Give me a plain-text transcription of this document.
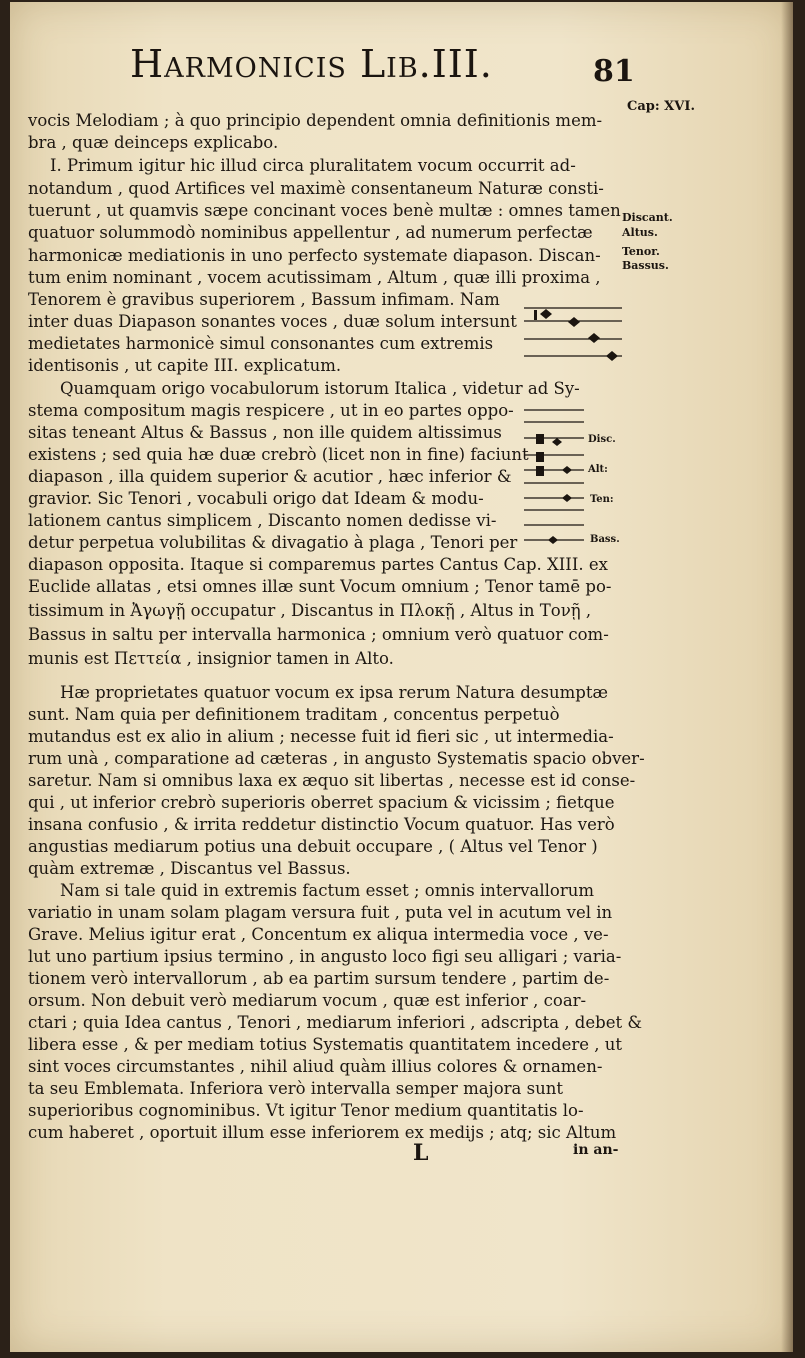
Harmonicis Lib.III.	81
Cap: XVI.
Discant.
Altus.
Tenor.
Bassus.
vocis Melodiam ; à quo principio dependent omnia definitionis mem-
bra , quæ deinceps explicabo.
I. Primum igitur hic illud circa pluralitatem vocum occurrit ad-
notandum , quod Artifices vel maximè consentaneum Naturæ consti-
tuerunt , ut quamvis sæpe concinant voces benè multæ : omnes tamen
quatuor solummodò nominibus appellentur , ad numerum perfectæ
harmonicæ mediationis in uno perfecto systemate diapason. Discan-
tum enim nominant , vocem acutissimam , Altum , quæ illi proxima ,
Tenorem è gravibus superiorem , Bassum infimam. Nam
inter duas Diapason sonantes voces , duæ solum intersunt
medietates harmonicè simul consonantes cum extremis
identisonis , ut capite III. explicatum.
Quamquam origo vocabulorum istorum Italica , videtur ad Sy-
stema compositum magis respicere , ut in eo partes oppo-
sitas teneant Altus & Bassus , non ille quidem altissimus
existens ; sed quia hæ duæ crebrò (licet non in fine) faciunt
diapason , illa quidem superior & acutior , hæc inferior &
gravior. Sic Tenori , vocabuli origo dat Ideam & modu-
lationem cantus simplicem , Discanto nomen dedisse vi-
detur perpetua volubilitas & divagatio à plaga , Tenori per
diapason opposita. Itaque si comparemus partes Cantus Cap. XIII. ex
Euclide allatas , etsi omnes illæ sunt Vocum omnium ; Tenor tamē po-
tissimum in Ἀγωγῇ occupatur , Discantus in Πλοκῇ , Altus in Τονῇ ,
Bassus in saltu per intervalla harmonica ; omnium verò quatuor com-
munis est Πεττεία , insignior tamen in Alto.
Hæ proprietates quatuor vocum ex ipsa rerum Natura desumptæ
sunt. Nam quia per definitionem traditam , concentus perpetuò
mutandus est ex alio in alium ; necesse fuit id fieri sic , ut intermedia-
rum unà , comparatione ad cæteras , in angusto Systematis spacio obver-
saretur. Nam si omnibus laxa ex æquo sit libertas , necesse est id conse-
qui , ut inferior crebrò superioris oberret spacium & vicissim ; fietque
insana confusio , & irrita reddetur distinctio Vocum quatuor. Has verò
angustias mediarum potius una debuit occupare , ( Altus vel Tenor )
quàm extremæ , Discantus vel Bassus.
Nam si tale quid in extremis factum esset ; omnis intervallorum
variatio in unam solam plagam versura fuit , puta vel in acutum vel in
Grave. Melius igitur erat , Concentum ex aliqua intermedia voce , ve-
lut uno partium ipsius termino , in angusto loco figi seu alligari ; varia-
tionem verò intervallorum , ab ea partim sursum tendere , partim de-
orsum. Non debuit verò mediarum vocum , quæ est inferior , coar-
ctari ; quia Idea cantus , Tenori , mediarum inferiori , adscripta , debet &
libera esse , & per mediam totius Systematis quantitatem incedere , ut
sint voces circumstantes , nihil aliud quàm illius colores & ornamen-
ta seu Emblemata. Inferiora verò intervalla semper majora sunt
superioribus cognominibus. Vt igitur Tenor medium quantitatis lo-
cum haberet , oportuit illum esse inferiorem ex medijs ; atq; sic Altum
Disc.
Alt:
Ten:
Bass.
L	in an-
